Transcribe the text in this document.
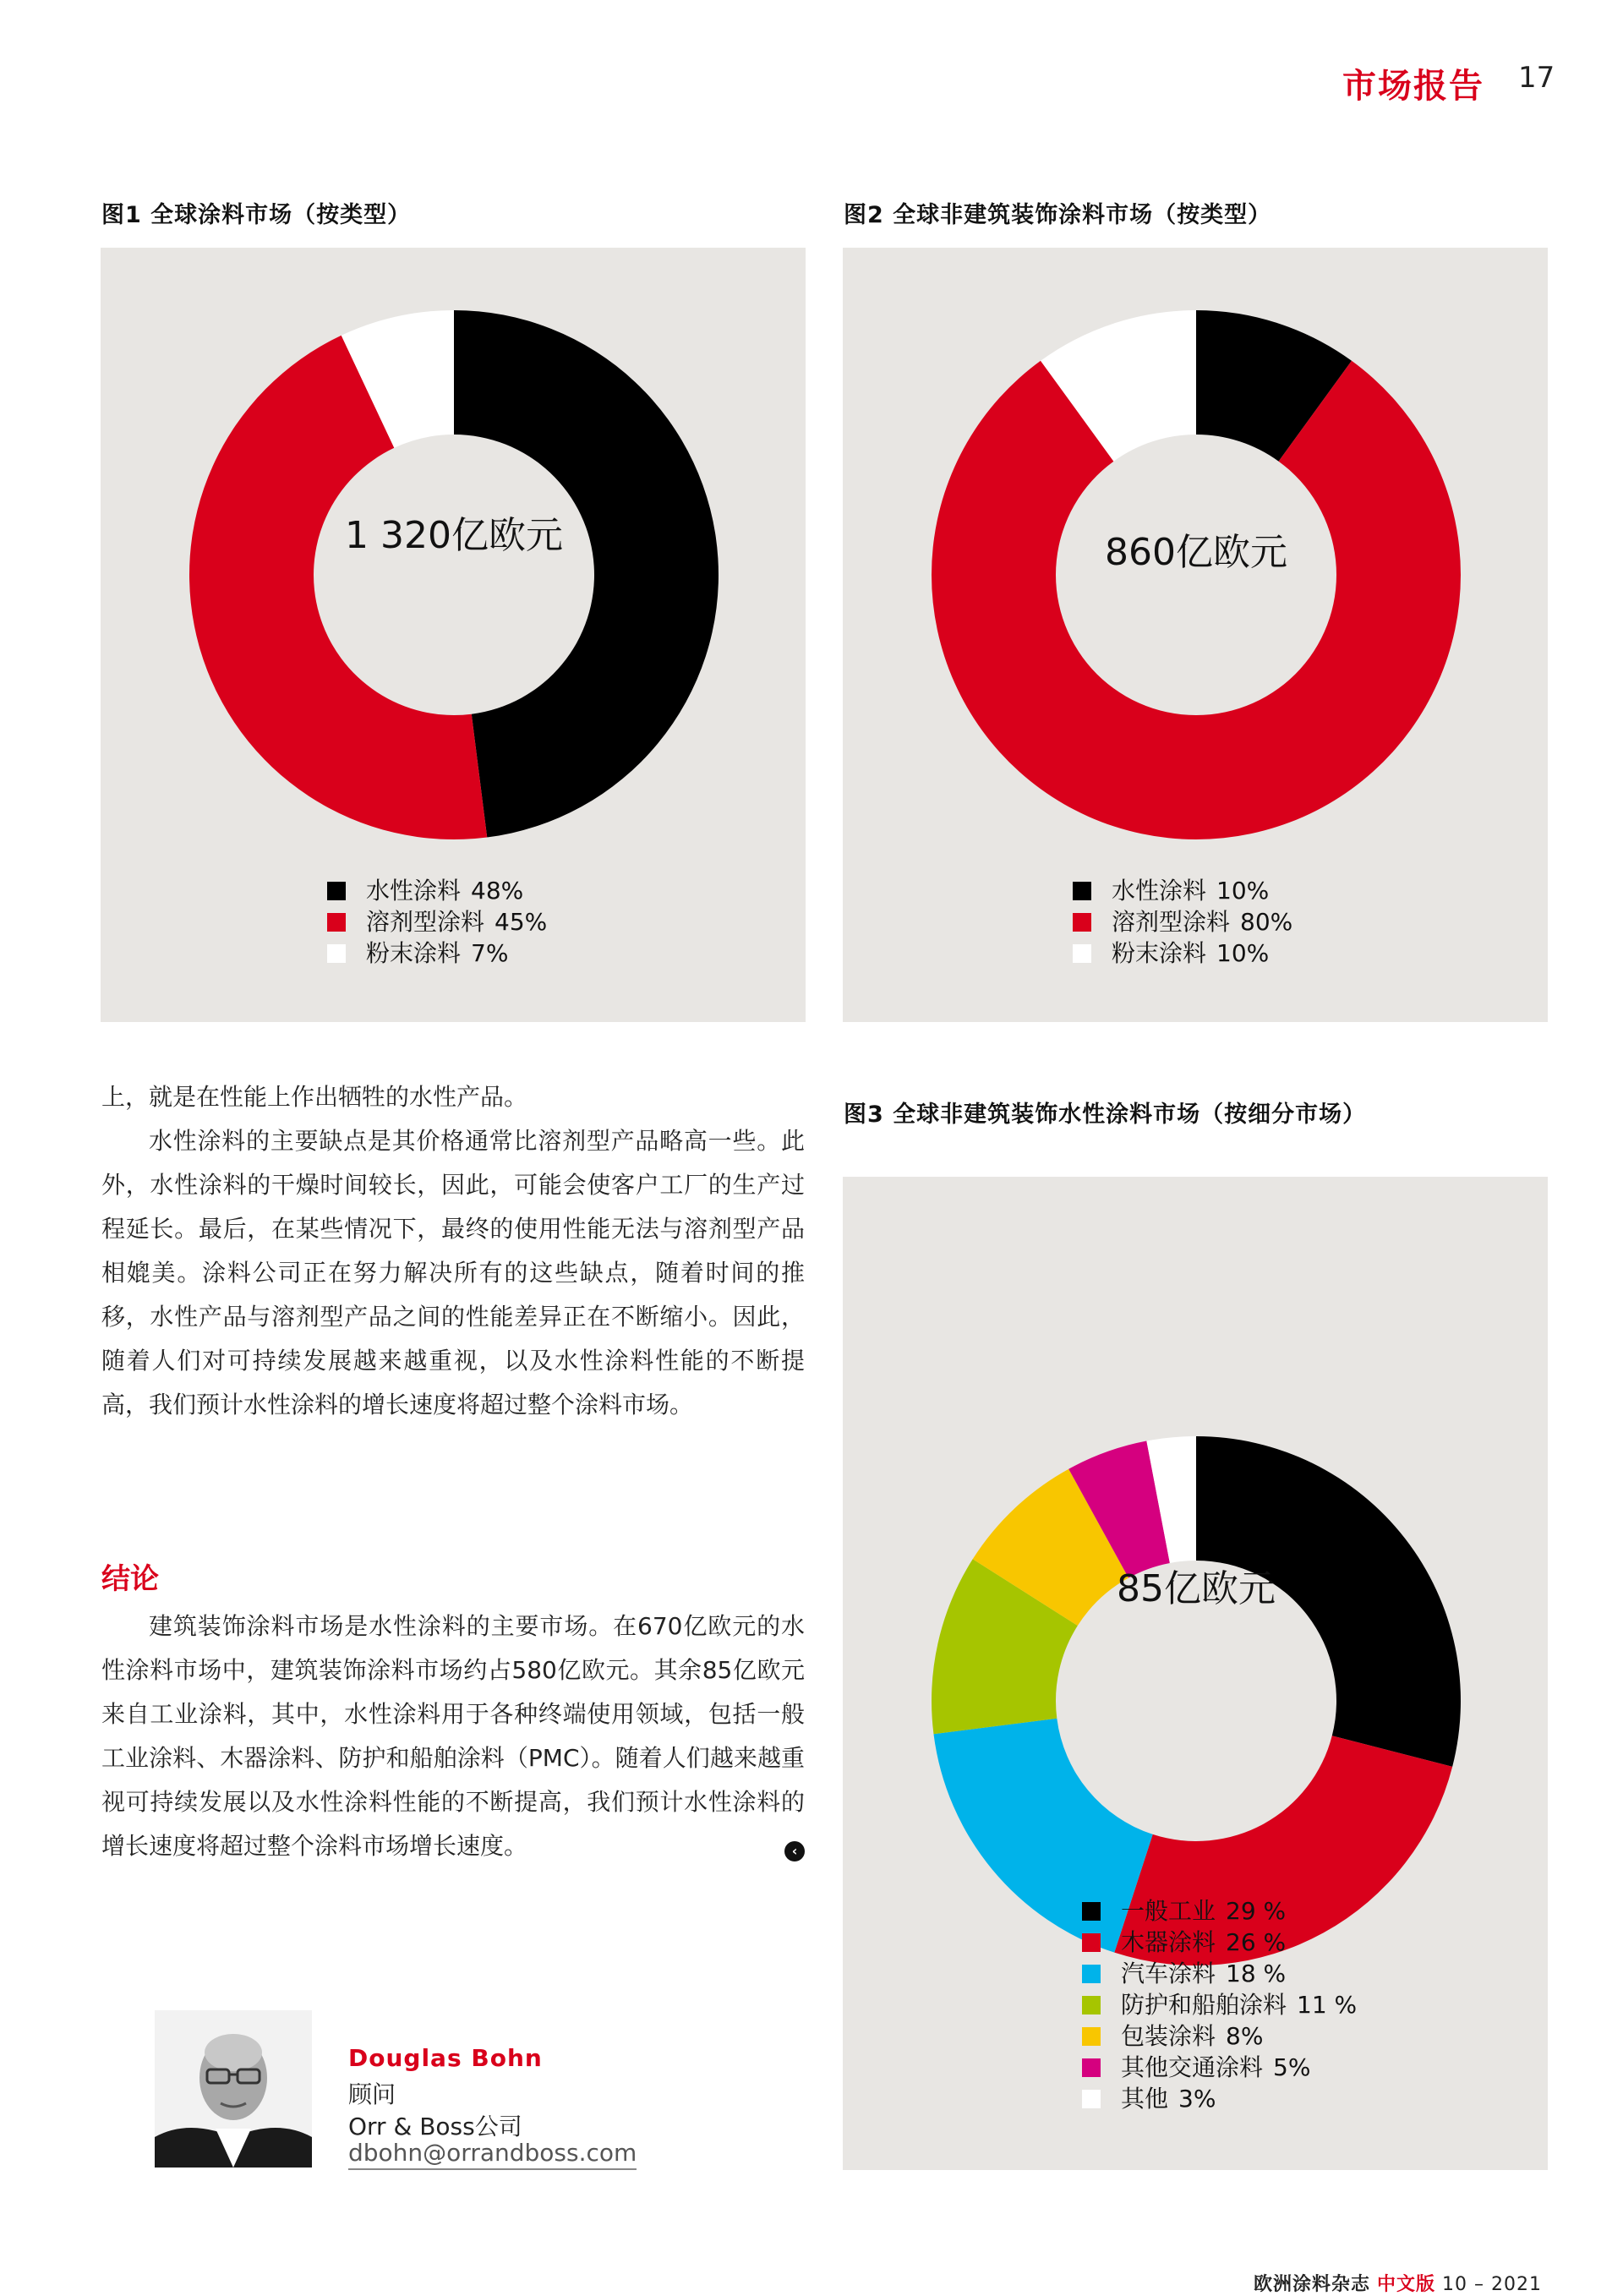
市场报告 17
图1 全球涂料市场（按类型）
1 320亿欧元
水性涂料 48%
溶剂型涂料 45%
粉末涂料 7%
图2 全球非建筑装饰涂料市场（按类型）
860亿欧元
水性涂料 10%
溶剂型涂料 80%
粉末涂料 10%
图3 全球非建筑装饰水性涂料市场（按细分市场）
85亿欧元
一般工业 29 %
木器涂料 26 %
汽车涂料 18 %
防护和船舶涂料 11 %
包装涂料 8%
其他交通涂料 5%
其他 3%

上，就是在性能上作出牺牲的水性产品。

水性涂料的主要缺点是其价格通常比溶剂型产品略高一些。此外，水性涂料的干燥时间较长，因此，可能会使客户工厂的生产过程延长。最后，在某些情况下，最终的使用性能无法与溶剂型产品相媲美。涂料公司正在努力解决所有的这些缺点，随着时间的推移，水性产品与溶剂型产品之间的性能差异正在不断缩小。因此，随着人们对可持续发展越来越重视，以及水性涂料性能的不断提高，我们预计水性涂料的增长速度将超过整个涂料市场。

结论

建筑装饰涂料市场是水性涂料的主要市场。在670亿欧元的水性涂料市场中，建筑装饰涂料市场约占580亿欧元。其余85亿欧元来自工业涂料，其中，水性涂料用于各种终端使用领域，包括一般工业涂料、木器涂料、防护和船舶涂料（PMC）。随着人们越来越重视可持续发展以及水性涂料性能的不断提高，我们预计水性涂料的增长速度将超过整个涂料市场增长速度。	‹
Douglas Bohn
顾问
Orr & Boss公司
dbohn@orrandboss.com
欧洲涂料杂志 中文版 10 – 2021
